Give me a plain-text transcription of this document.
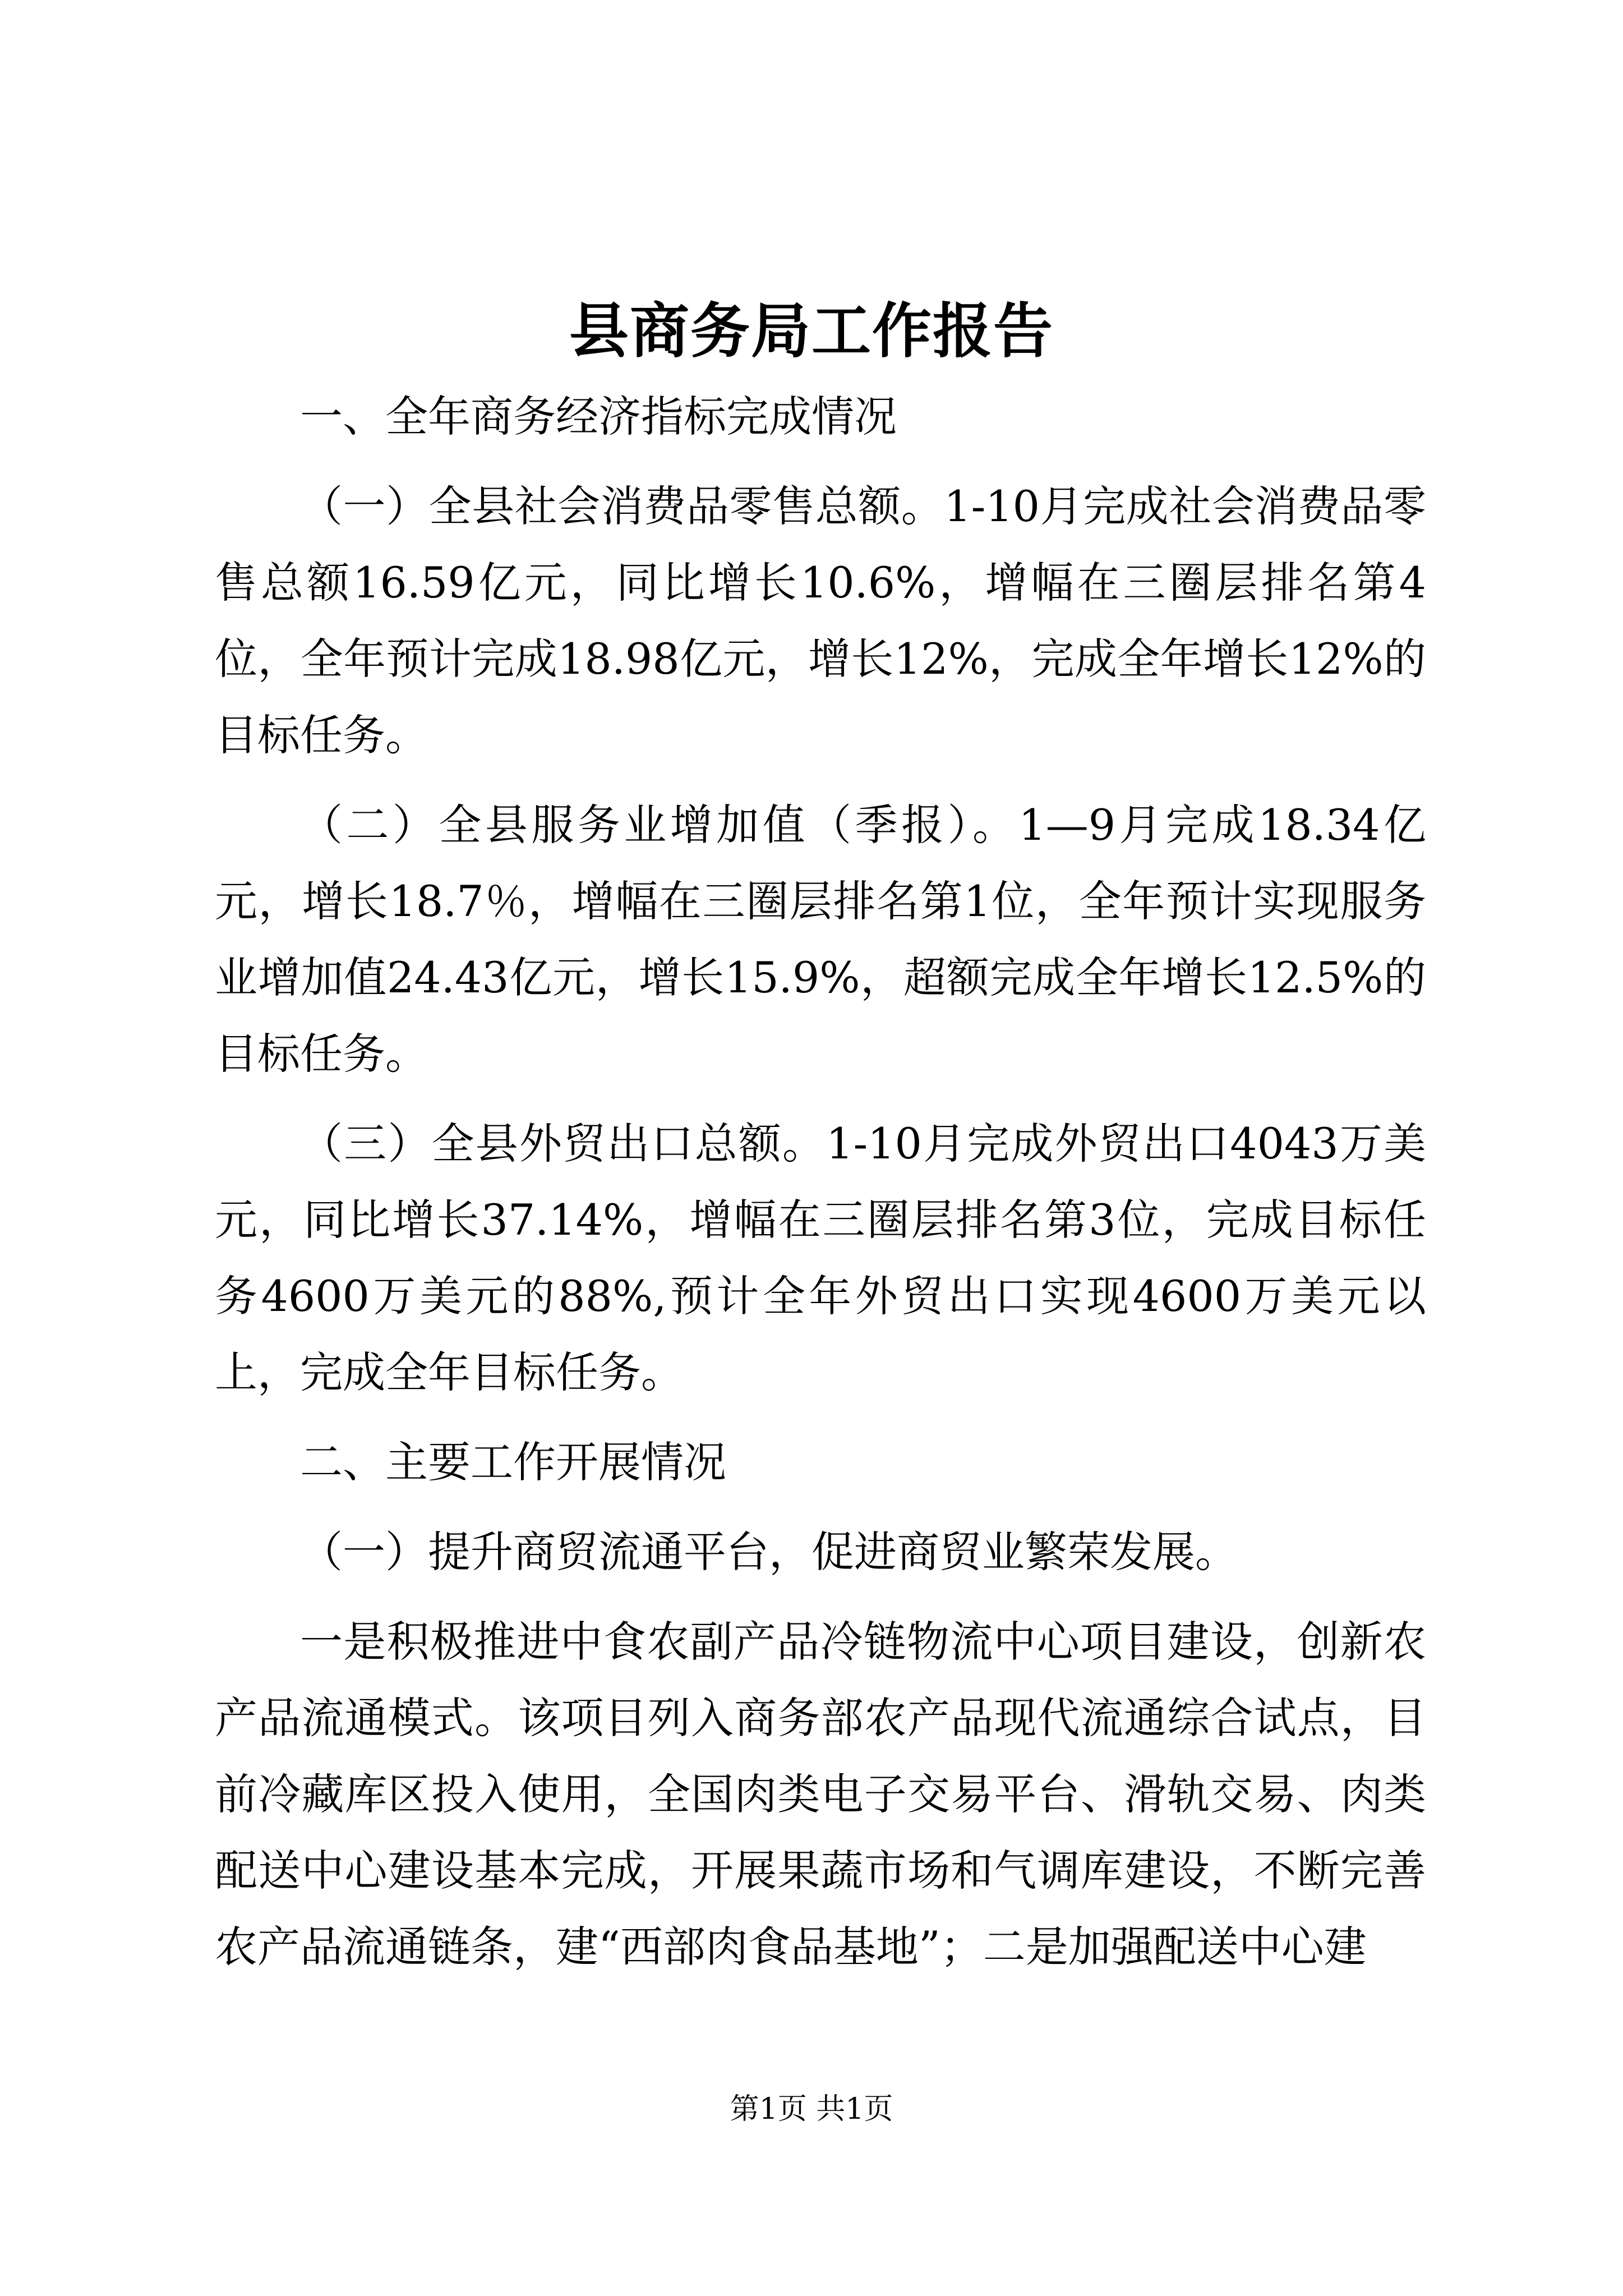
县商务局工作报告

一、全年商务经济指标完成情况

（一）全县社会消费品零售总额。1-10月完成社会消费品零售总额16.59亿元，同比增长10.6%，增幅在三圈层排名第4位，全年预计完成18.98亿元，增长12%，完成全年增长12%的目标任务。

（二）全县服务业增加值（季报）。1—9月完成18.34亿元，增长18.7％，增幅在三圈层排名第1位，全年预计实现服务业增加值24.43亿元，增长15.9%，超额完成全年增长12.5%的目标任务。

（三）全县外贸出口总额。1-10月完成外贸出口4043万美元，同比增长37.14%，增幅在三圈层排名第3位，完成目标任务4600万美元的88%,预计全年外贸出口实现4600万美元以上，完成全年目标任务。

二、主要工作开展情况

（一）提升商贸流通平台，促进商贸业繁荣发展。

一是积极推进中食农副产品冷链物流中心项目建设，创新农产品流通模式。该项目列入商务部农产品现代流通综合试点，目前冷藏库区投入使用，全国肉类电子交易平台、滑轨交易、肉类配送中心建设基本完成，开展果蔬市场和气调库建设，不断完善农产品流通链条，建“西部肉食品基地”；二是加强配送中心建

第1页 共1页
